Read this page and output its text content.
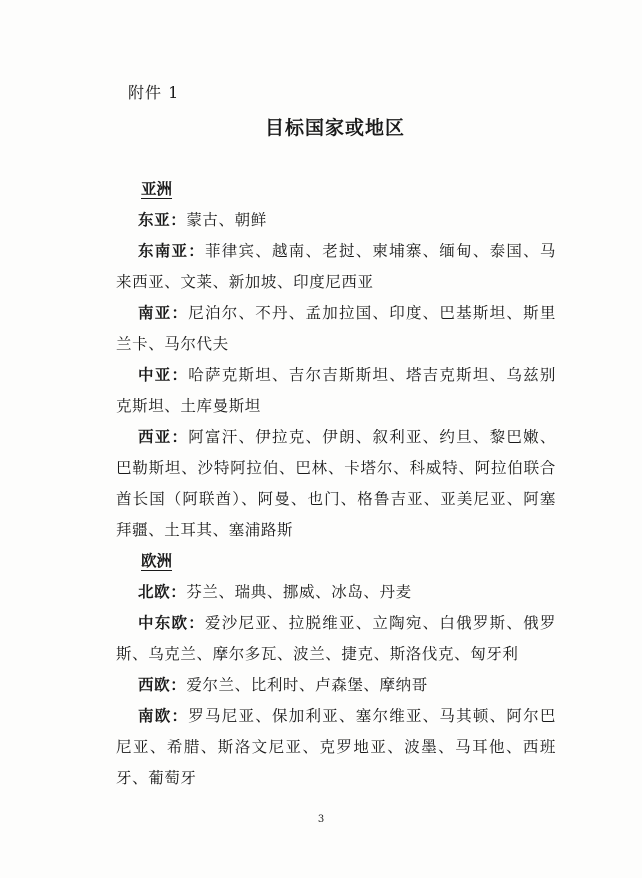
附件 1
目标国家或地区

亚洲

东亚：蒙古、朝鲜

东南亚：菲律宾、越南、老挝、柬埔寨、缅甸、泰国、马来西亚、文莱、新加坡、印度尼西亚

南亚：尼泊尔、不丹、孟加拉国、印度、巴基斯坦、斯里兰卡、马尔代夫

中亚：哈萨克斯坦、吉尔吉斯斯坦、塔吉克斯坦、乌兹别克斯坦、土库曼斯坦

西亚：阿富汗、伊拉克、伊朗、叙利亚、约旦、黎巴嫩、巴勒斯坦、沙特阿拉伯、巴林、卡塔尔、科威特、阿拉伯联合酋长国（阿联酋）、阿曼、也门、格鲁吉亚、亚美尼亚、阿塞拜疆、土耳其、塞浦路斯

欧洲

北欧：芬兰、瑞典、挪威、冰岛、丹麦

中东欧：爱沙尼亚、拉脱维亚、立陶宛、白俄罗斯、俄罗斯、乌克兰、摩尔多瓦、波兰、捷克、斯洛伐克、匈牙利

西欧：爱尔兰、比利时、卢森堡、摩纳哥

南欧：罗马尼亚、保加利亚、塞尔维亚、马其顿、阿尔巴尼亚、希腊、斯洛文尼亚、克罗地亚、波墨、马耳他、西班牙、葡萄牙

3
